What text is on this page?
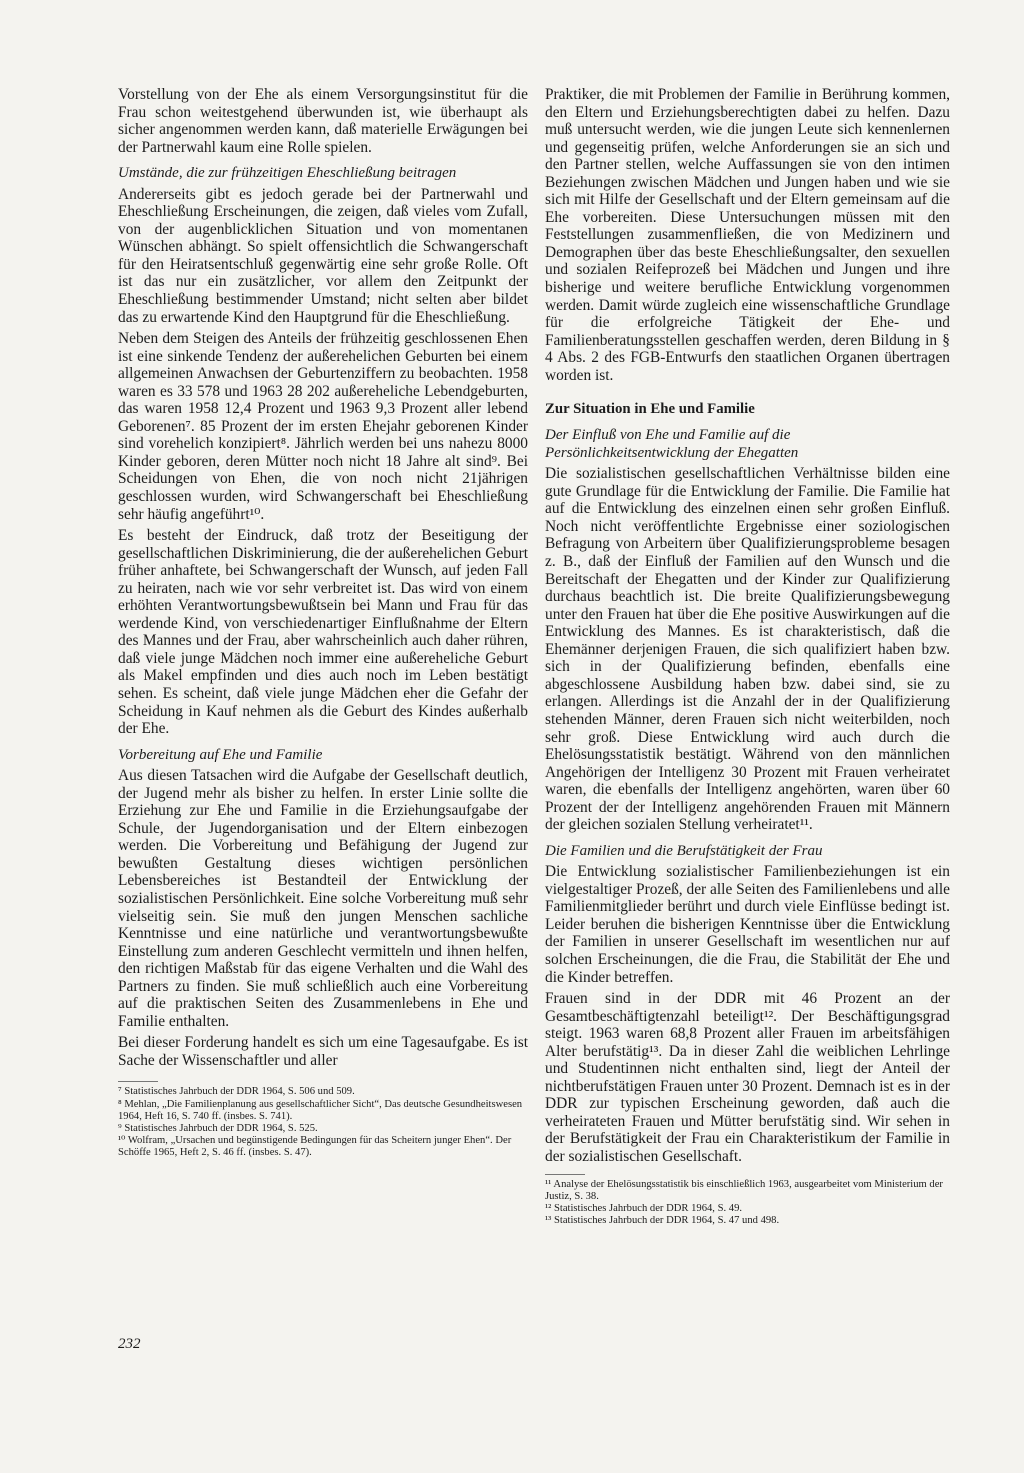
Vorstellung von der Ehe als einem Versorgungsinstitut für die Frau schon weitestgehend überwunden ist, wie überhaupt als sicher angenommen werden kann, daß materielle Erwägungen bei der Partnerwahl kaum eine Rolle spielen.

Umstände, die zur frühzeitigen Eheschließung beitragen

Andererseits gibt es jedoch gerade bei der Partnerwahl und Eheschließung Erscheinungen, die zeigen, daß vieles vom Zufall, von der augenblicklichen Situation und von momentanen Wünschen abhängt. So spielt offensichtlich die Schwangerschaft für den Heiratsentschluß gegenwärtig eine sehr große Rolle. Oft ist das nur ein zusätzlicher, vor allem den Zeitpunkt der Eheschließung bestimmender Umstand; nicht selten aber bildet das zu erwartende Kind den Hauptgrund für die Eheschließung.

Neben dem Steigen des Anteils der frühzeitig geschlossenen Ehen ist eine sinkende Tendenz der außerehelichen Geburten bei einem allgemeinen Anwachsen der Geburtenziffern zu beobachten. 1958 waren es 33 578 und 1963 28 202 außereheliche Lebendgeburten, das waren 1958 12,4 Prozent und 1963 9,3 Prozent aller lebend Geborenen⁷. 85 Prozent der im ersten Ehejahr geborenen Kinder sind vorehelich konzipiert⁸. Jährlich werden bei uns nahezu 8000 Kinder geboren, deren Mütter noch nicht 18 Jahre alt sind⁹. Bei Scheidungen von Ehen, die von noch nicht 21jährigen geschlossen wurden, wird Schwangerschaft bei Eheschließung sehr häufig angeführt¹⁰.

Es besteht der Eindruck, daß trotz der Beseitigung der gesellschaftlichen Diskriminierung, die der außerehelichen Geburt früher anhaftete, bei Schwangerschaft der Wunsch, auf jeden Fall zu heiraten, nach wie vor sehr verbreitet ist. Das wird von einem erhöhten Verantwortungsbewußtsein bei Mann und Frau für das werdende Kind, von verschiedenartiger Einflußnahme der Eltern des Mannes und der Frau, aber wahrscheinlich auch daher rühren, daß viele junge Mädchen noch immer eine außereheliche Geburt als Makel empfinden und dies auch noch im Leben bestätigt sehen. Es scheint, daß viele junge Mädchen eher die Gefahr der Scheidung in Kauf nehmen als die Geburt des Kindes außerhalb der Ehe.

Vorbereitung auf Ehe und Familie

Aus diesen Tatsachen wird die Aufgabe der Gesellschaft deutlich, der Jugend mehr als bisher zu helfen. In erster Linie sollte die Erziehung zur Ehe und Familie in die Erziehungsaufgabe der Schule, der Jugendorganisation und der Eltern einbezogen werden. Die Vorbereitung und Befähigung der Jugend zur bewußten Gestaltung dieses wichtigen persönlichen Lebensbereiches ist Bestandteil der Entwicklung der sozialistischen Persönlichkeit. Eine solche Vorbereitung muß sehr vielseitig sein. Sie muß den jungen Menschen sachliche Kenntnisse und eine natürliche und verantwortungsbewußte Einstellung zum anderen Geschlecht vermitteln und ihnen helfen, den richtigen Maßstab für das eigene Verhalten und die Wahl des Partners zu finden. Sie muß schließlich auch eine Vorbereitung auf die praktischen Seiten des Zusammenlebens in Ehe und Familie enthalten.

Bei dieser Forderung handelt es sich um eine Tagesaufgabe. Es ist Sache der Wissenschaftler und aller

⁷ Statistisches Jahrbuch der DDR 1964, S. 506 und 509.

⁸ Mehlan, „Die Familienplanung aus gesellschaftlicher Sicht“, Das deutsche Gesundheitswesen 1964, Heft 16, S. 740 ff. (insbes. S. 741).

⁹ Statistisches Jahrbuch der DDR 1964, S. 525.

¹⁰ Wolfram, „Ursachen und begünstigende Bedingungen für das Scheitern junger Ehen“. Der Schöffe 1965, Heft 2, S. 46 ff. (insbes. S. 47).

Praktiker, die mit Problemen der Familie in Berührung kommen, den Eltern und Erziehungsberechtigten dabei zu helfen. Dazu muß untersucht werden, wie die jungen Leute sich kennenlernen und gegenseitig prüfen, welche Anforderungen sie an sich und den Partner stellen, welche Auffassungen sie von den intimen Beziehungen zwischen Mädchen und Jungen haben und wie sie sich mit Hilfe der Gesellschaft und der Eltern gemeinsam auf die Ehe vorbereiten. Diese Untersuchungen müssen mit den Feststellungen zusammenfließen, die von Medizinern und Demographen über das beste Eheschließungsalter, den sexuellen und sozialen Reifeprozeß bei Mädchen und Jungen und ihre bisherige und weitere berufliche Entwicklung vorgenommen werden. Damit würde zugleich eine wissenschaftliche Grundlage für die erfolgreiche Tätigkeit der Ehe- und Familienberatungsstellen geschaffen werden, deren Bildung in § 4 Abs. 2 des FGB-Entwurfs den staatlichen Organen übertragen worden ist.

Zur Situation in Ehe und Familie
Der Einfluß von Ehe und Familie auf die Persönlichkeitsentwicklung der Ehegatten

Die sozialistischen gesellschaftlichen Verhältnisse bilden eine gute Grundlage für die Entwicklung der Familie. Die Familie hat auf die Entwicklung des einzelnen einen sehr großen Einfluß. Noch nicht veröffentlichte Ergebnisse einer soziologischen Befragung von Arbeitern über Qualifizierungsprobleme besagen z. B., daß der Einfluß der Familien auf den Wunsch und die Bereitschaft der Ehegatten und der Kinder zur Qualifizierung durchaus beachtlich ist. Die breite Qualifizierungsbewegung unter den Frauen hat über die Ehe positive Auswirkungen auf die Entwicklung des Mannes. Es ist charakteristisch, daß die Ehemänner derjenigen Frauen, die sich qualifiziert haben bzw. sich in der Qualifizierung befinden, ebenfalls eine abgeschlossene Ausbildung haben bzw. dabei sind, sie zu erlangen. Allerdings ist die Anzahl der in der Qualifizierung stehenden Männer, deren Frauen sich nicht weiterbilden, noch sehr groß. Diese Entwicklung wird auch durch die Ehelösungsstatistik bestätigt. Während von den männlichen Angehörigen der Intelligenz 30 Prozent mit Frauen verheiratet waren, die ebenfalls der Intelligenz angehörten, waren über 60 Prozent der der Intelligenz angehörenden Frauen mit Männern der gleichen sozialen Stellung verheiratet¹¹.

Die Familien und die Berufstätigkeit der Frau

Die Entwicklung sozialistischer Familienbeziehungen ist ein vielgestaltiger Prozeß, der alle Seiten des Familienlebens und alle Familienmitglieder berührt und durch viele Einflüsse bedingt ist. Leider beruhen die bisherigen Kenntnisse über die Entwicklung der Familien in unserer Gesellschaft im wesentlichen nur auf solchen Erscheinungen, die die Frau, die Stabilität der Ehe und die Kinder betreffen.

Frauen sind in der DDR mit 46 Prozent an der Gesamtbeschäftigtenzahl beteiligt¹². Der Beschäftigungsgrad steigt. 1963 waren 68,8 Prozent aller Frauen im arbeitsfähigen Alter berufstätig¹³. Da in dieser Zahl die weiblichen Lehrlinge und Studentinnen nicht enthalten sind, liegt der Anteil der nichtberufstätigen Frauen unter 30 Prozent. Demnach ist es in der DDR zur typischen Erscheinung geworden, daß auch die verheirateten Frauen und Mütter berufstätig sind. Wir sehen in der Berufstätigkeit der Frau ein Charakteristikum der Familie in der sozialistischen Gesellschaft.

¹¹ Analyse der Ehelösungsstatistik bis einschließlich 1963, ausgearbeitet vom Ministerium der Justiz, S. 38.

¹² Statistisches Jahrbuch der DDR 1964, S. 49.

¹³ Statistisches Jahrbuch der DDR 1964, S. 47 und 498.

232
